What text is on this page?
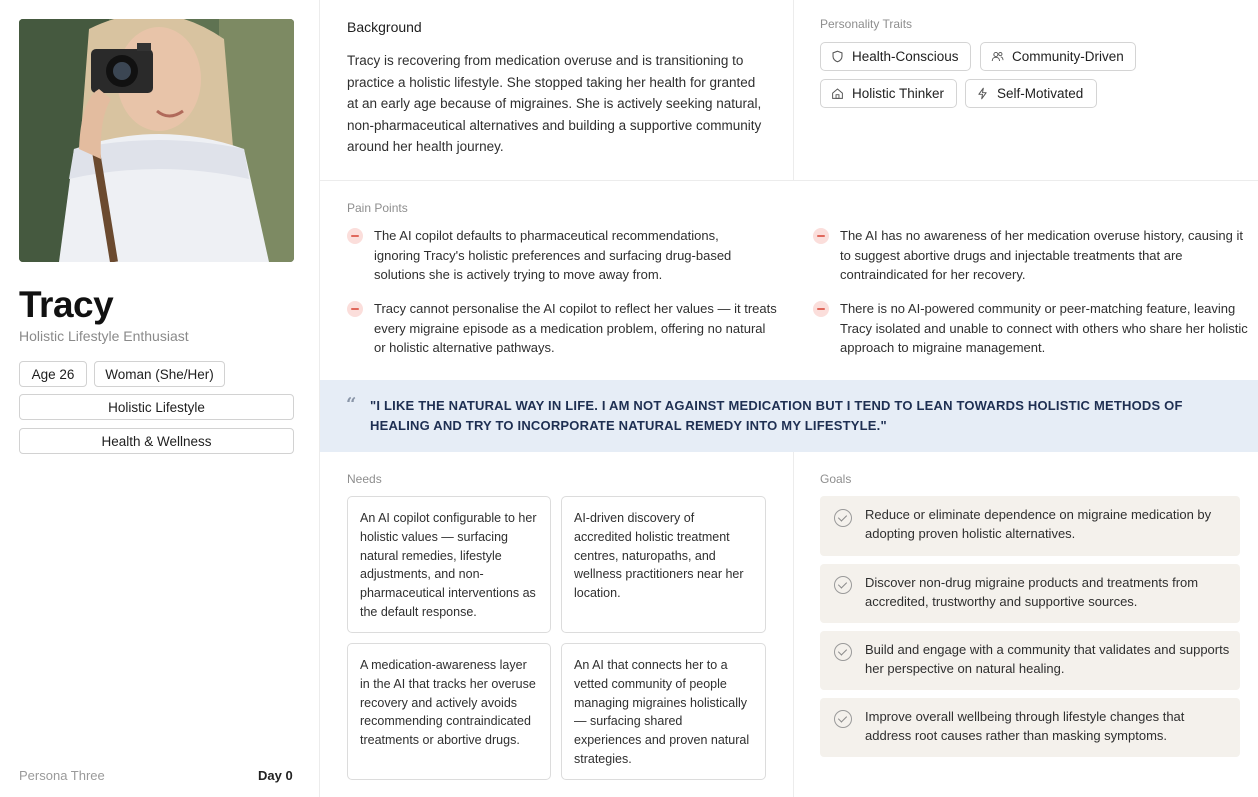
Tracy
Holistic Lifestyle Enthusiast
Age 26	Woman (She/Her)
Holistic Lifestyle
Health & Wellness
Persona Three	Day 0
Background
Tracy is recovering from medication overuse and is transitioning to practice a holistic lifestyle. She stopped taking her health for granted at an early age because of migraines. She is actively seeking natural, non-pharmaceutical alternatives and building a supportive community around her health journey.
Personality Traits
Health-Conscious	Community-Driven
Holistic Thinker	Self-Motivated
Pain Points
The AI copilot defaults to pharmaceutical recommendations, ignoring Tracy's holistic preferences and surfacing drug-based solutions she is actively trying to move away from.
The AI has no awareness of her medication overuse history, causing it to suggest abortive drugs and injectable treatments that are contraindicated for her recovery.
Tracy cannot personalise the AI copilot to reflect her values — it treats every migraine episode as a medication problem, offering no natural or holistic alternative pathways.
There is no AI-powered community or peer-matching feature, leaving Tracy isolated and unable to connect with others who share her holistic approach to migraine management.
“ "I LIKE THE NATURAL WAY IN LIFE. I AM NOT AGAINST MEDICATION BUT I TEND TO LEAN TOWARDS HOLISTIC METHODS OF HEALING AND TRY TO INCORPORATE NATURAL REMEDY INTO MY LIFESTYLE."
Needs
An AI copilot configurable to her holistic values — surfacing natural remedies, lifestyle adjustments, and non-pharmaceutical interventions as the default response.
AI-driven discovery of accredited holistic treatment centres, naturopaths, and wellness practitioners near her location.
A medication-awareness layer in the AI that tracks her overuse recovery and actively avoids recommending contraindicated treatments or abortive drugs.
An AI that connects her to a vetted community of people managing migraines holistically — surfacing shared experiences and proven natural strategies.
Goals
Reduce or eliminate dependence on migraine medication by adopting proven holistic alternatives.
Discover non-drug migraine products and treatments from accredited, trustworthy and supportive sources.
Build and engage with a community that validates and supports her perspective on natural healing.
Improve overall wellbeing through lifestyle changes that address root causes rather than masking symptoms.
